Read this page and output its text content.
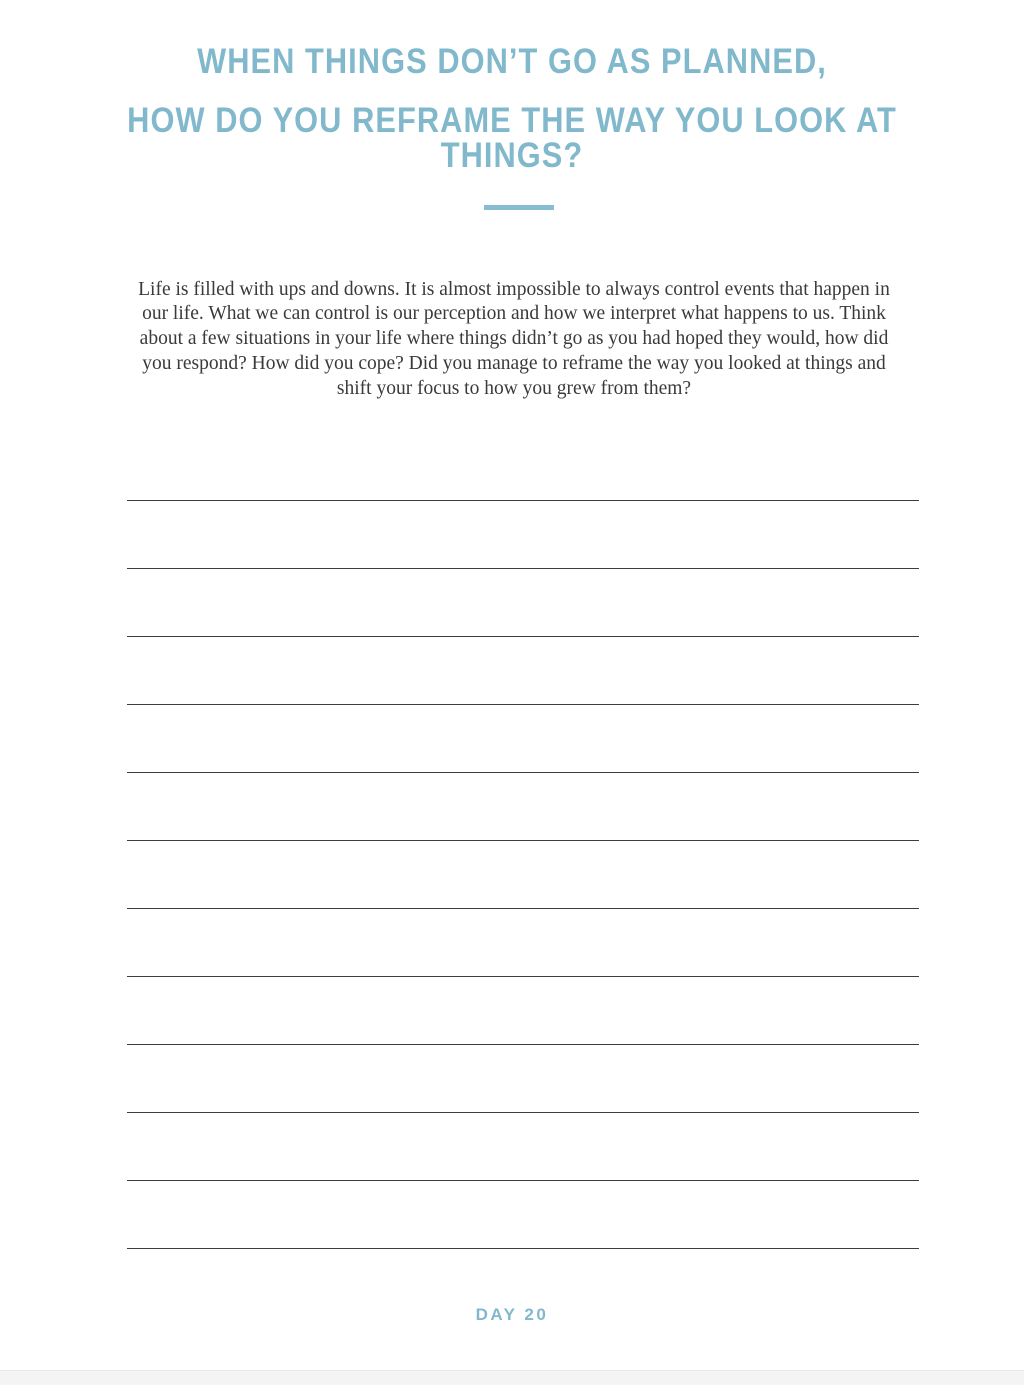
WHEN THINGS DON’T GO AS PLANNED,
HOW DO YOU REFRAME THE WAY YOU LOOK AT THINGS?

Life is filled with ups and downs. It is almost impossible to always control events that happen in our life. What we can control is our perception and how we interpret what happens to us. Think about a few situations in your life where things didn’t go as you had hoped they would, how did you respond? How did you cope? Did you manage to reframe the way you looked at things and shift your focus to how you grew from them?

DAY 20
